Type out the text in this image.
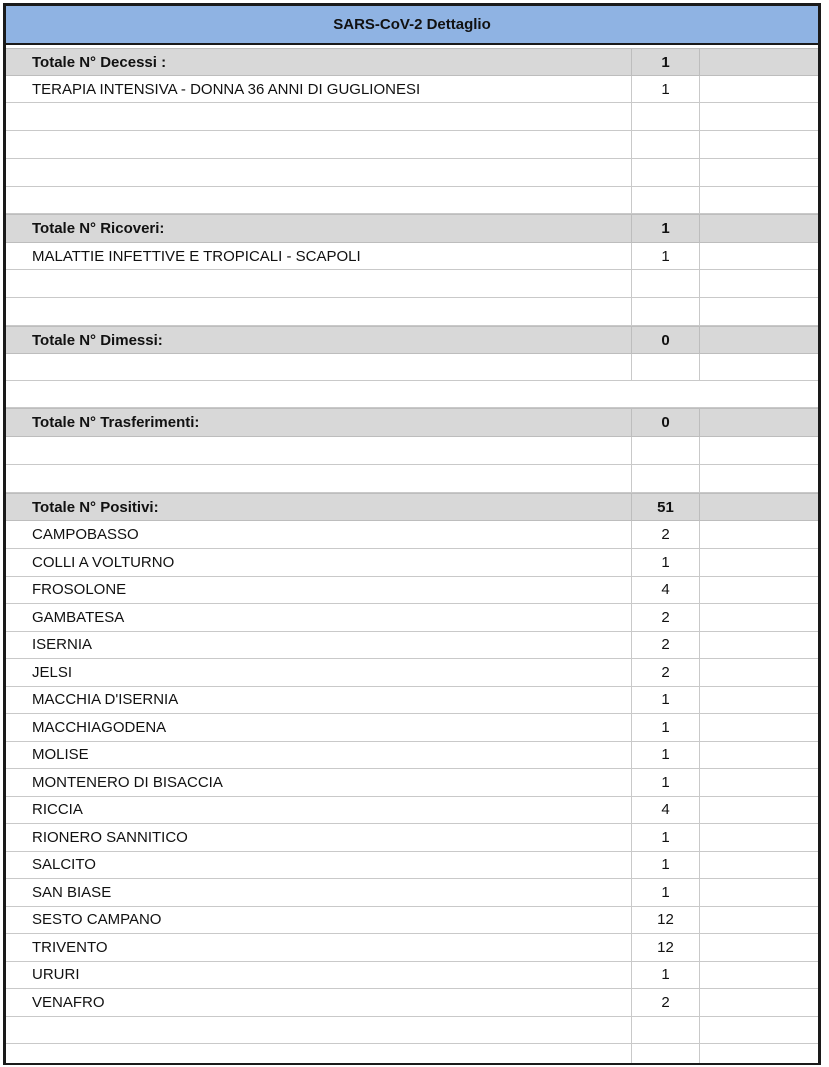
SARS-CoV-2 Dettaglio
Totale N° Decessi :	1
TERAPIA INTENSIVA - DONNA 36 ANNI DI GUGLIONESI	1
Totale N° Ricoveri:	1
MALATTIE INFETTIVE E TROPICALI - SCAPOLI	1
Totale N° Dimessi:	0
Totale N° Trasferimenti:	0
Totale N° Positivi:	51
CAMPOBASSO	2
COLLI A VOLTURNO	1
FROSOLONE	4
GAMBATESA	2
ISERNIA	2
JELSI	2
MACCHIA D'ISERNIA	1
MACCHIAGODENA	1
MOLISE	1
MONTENERO DI BISACCIA	1
RICCIA	4
RIONERO SANNITICO	1
SALCITO	1
SAN BIASE	1
SESTO CAMPANO	12
TRIVENTO	12
URURI	1
VENAFRO	2
